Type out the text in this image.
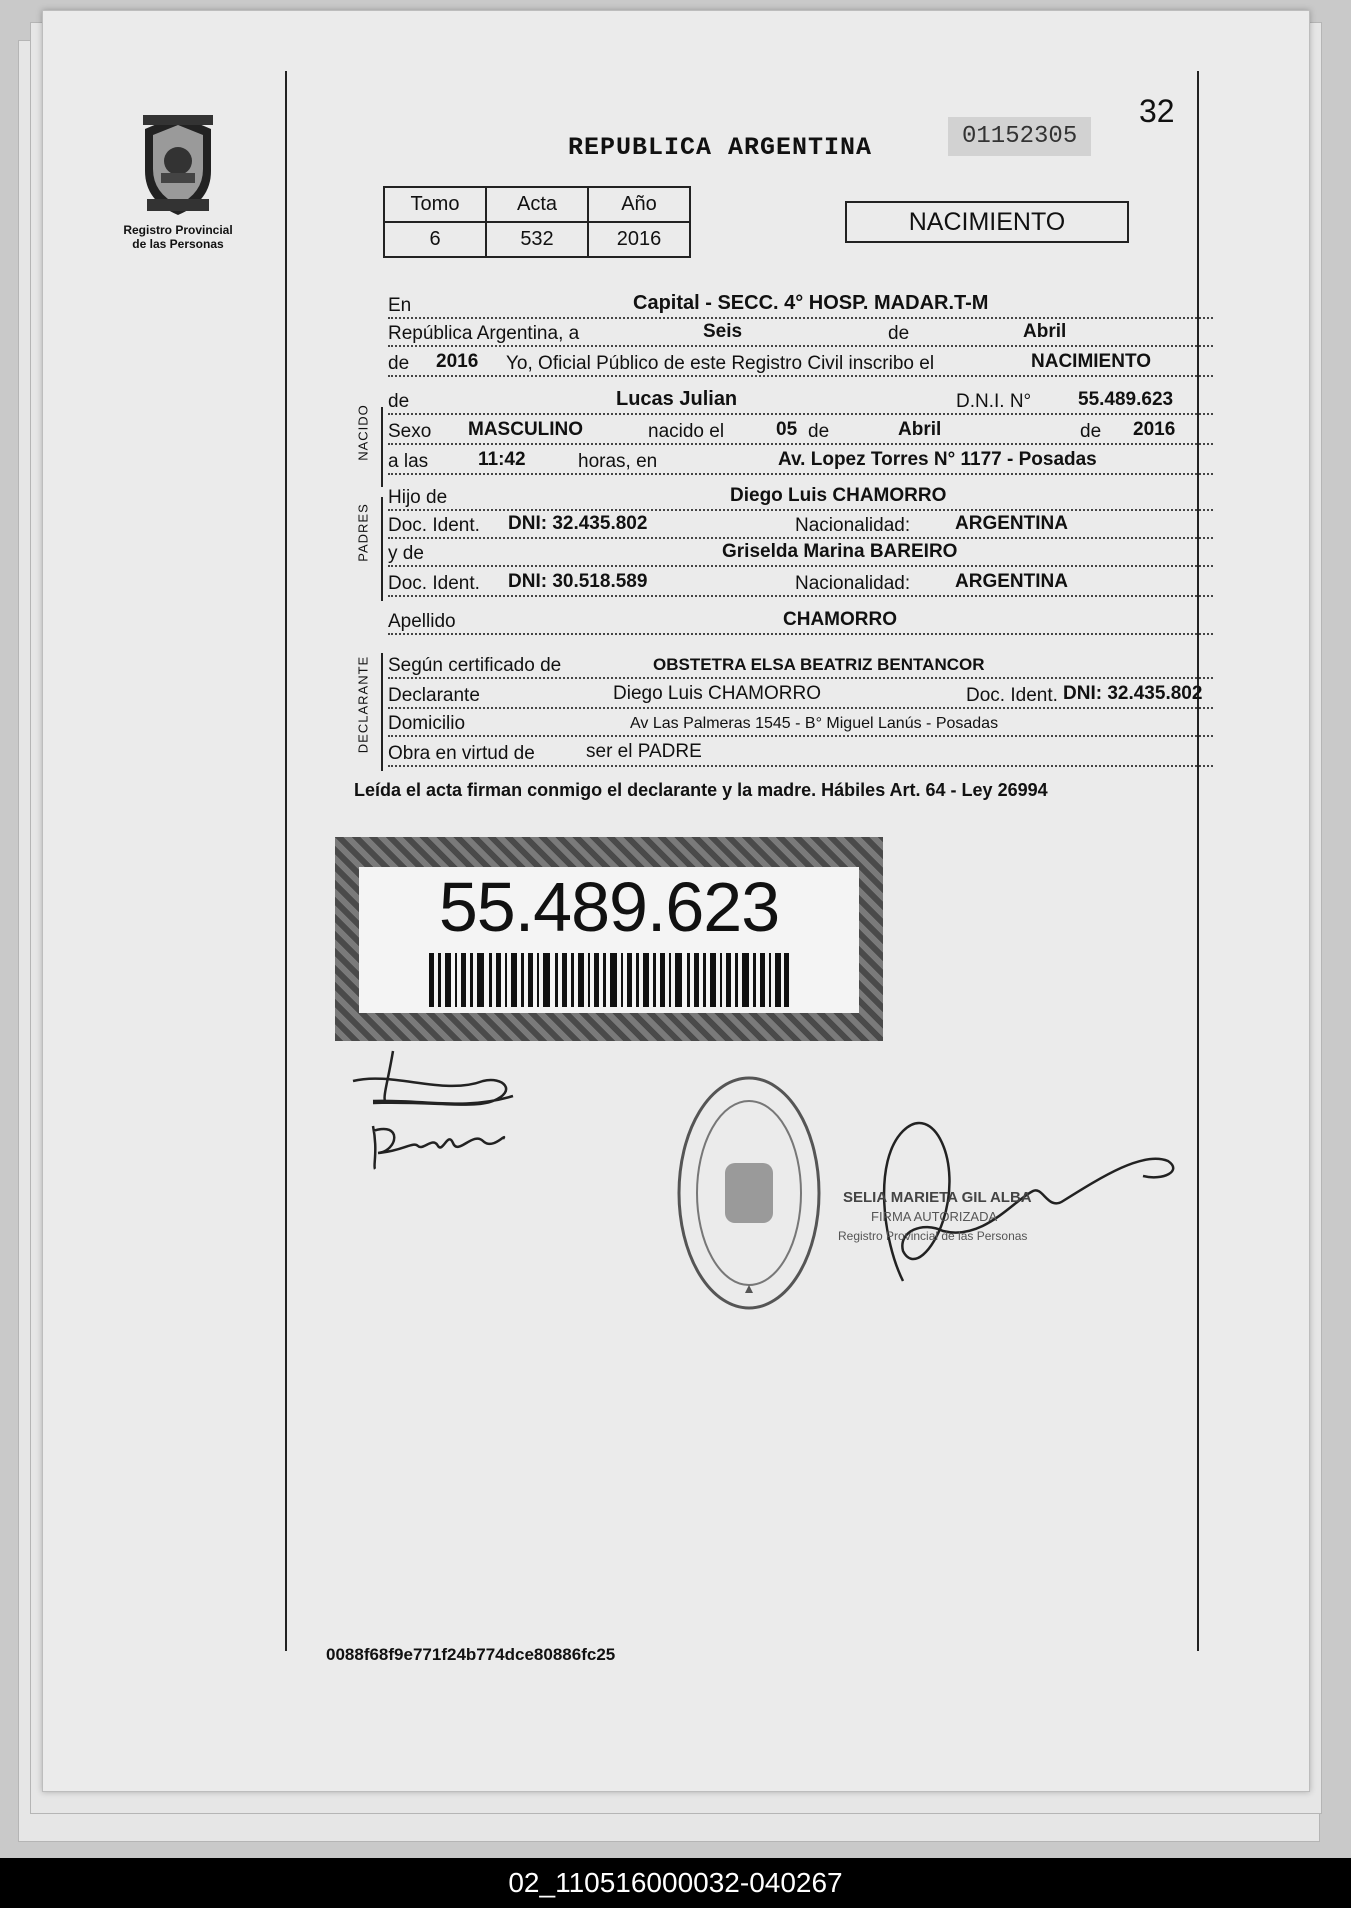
Registro Provincial
de las Personas
REPUBLICA ARGENTINA	01152305
32
Tomo	Acta	Año
6	532	2016
NACIMIENTO
En	Capital - SECC. 4° HOSP. MADAR.T-M
República Argentina, a	Seis	de	Abril
de 2016 Yo, Oficial Público de este Registro Civil inscribo el	NACIMIENTO
NACIDO
de	Lucas Julian	D.N.I. N° 55.489.623
Sexo MASCULINO	nacido el	05 de	Abril	de 2016
a las	11:42	horas, en	Av. Lopez Torres N° 1177 - Posadas
PADRES
Hijo de	Diego Luis CHAMORRO
Doc. Ident. DNI: 32.435.802	Nacionalidad: ARGENTINA
y de	Griselda Marina BAREIRO
Doc. Ident. DNI: 30.518.589	Nacionalidad: ARGENTINA
Apellido	CHAMORRO
DECLARANTE Según certificado de	OBSTETRA ELSA BEATRIZ BENTANCOR
Declarante	Diego Luis CHAMORRO	Doc. Ident. DNI: 32.435.802
Domicilio	Av Las Palmeras 1545 - B° Miguel Lanús - Posadas
Obra en virtud de	ser el PADRE
Leída el acta firman conmigo el declarante y la madre. Hábiles Art. 64 - Ley 26994
55.489.623
SELIA MARIETA GIL ALBA
FIRMA AUTORIZADA
Registro Provincial de las Personas
0088f68f9e771f24b774dce80886fc25
02_110516000032-040267
